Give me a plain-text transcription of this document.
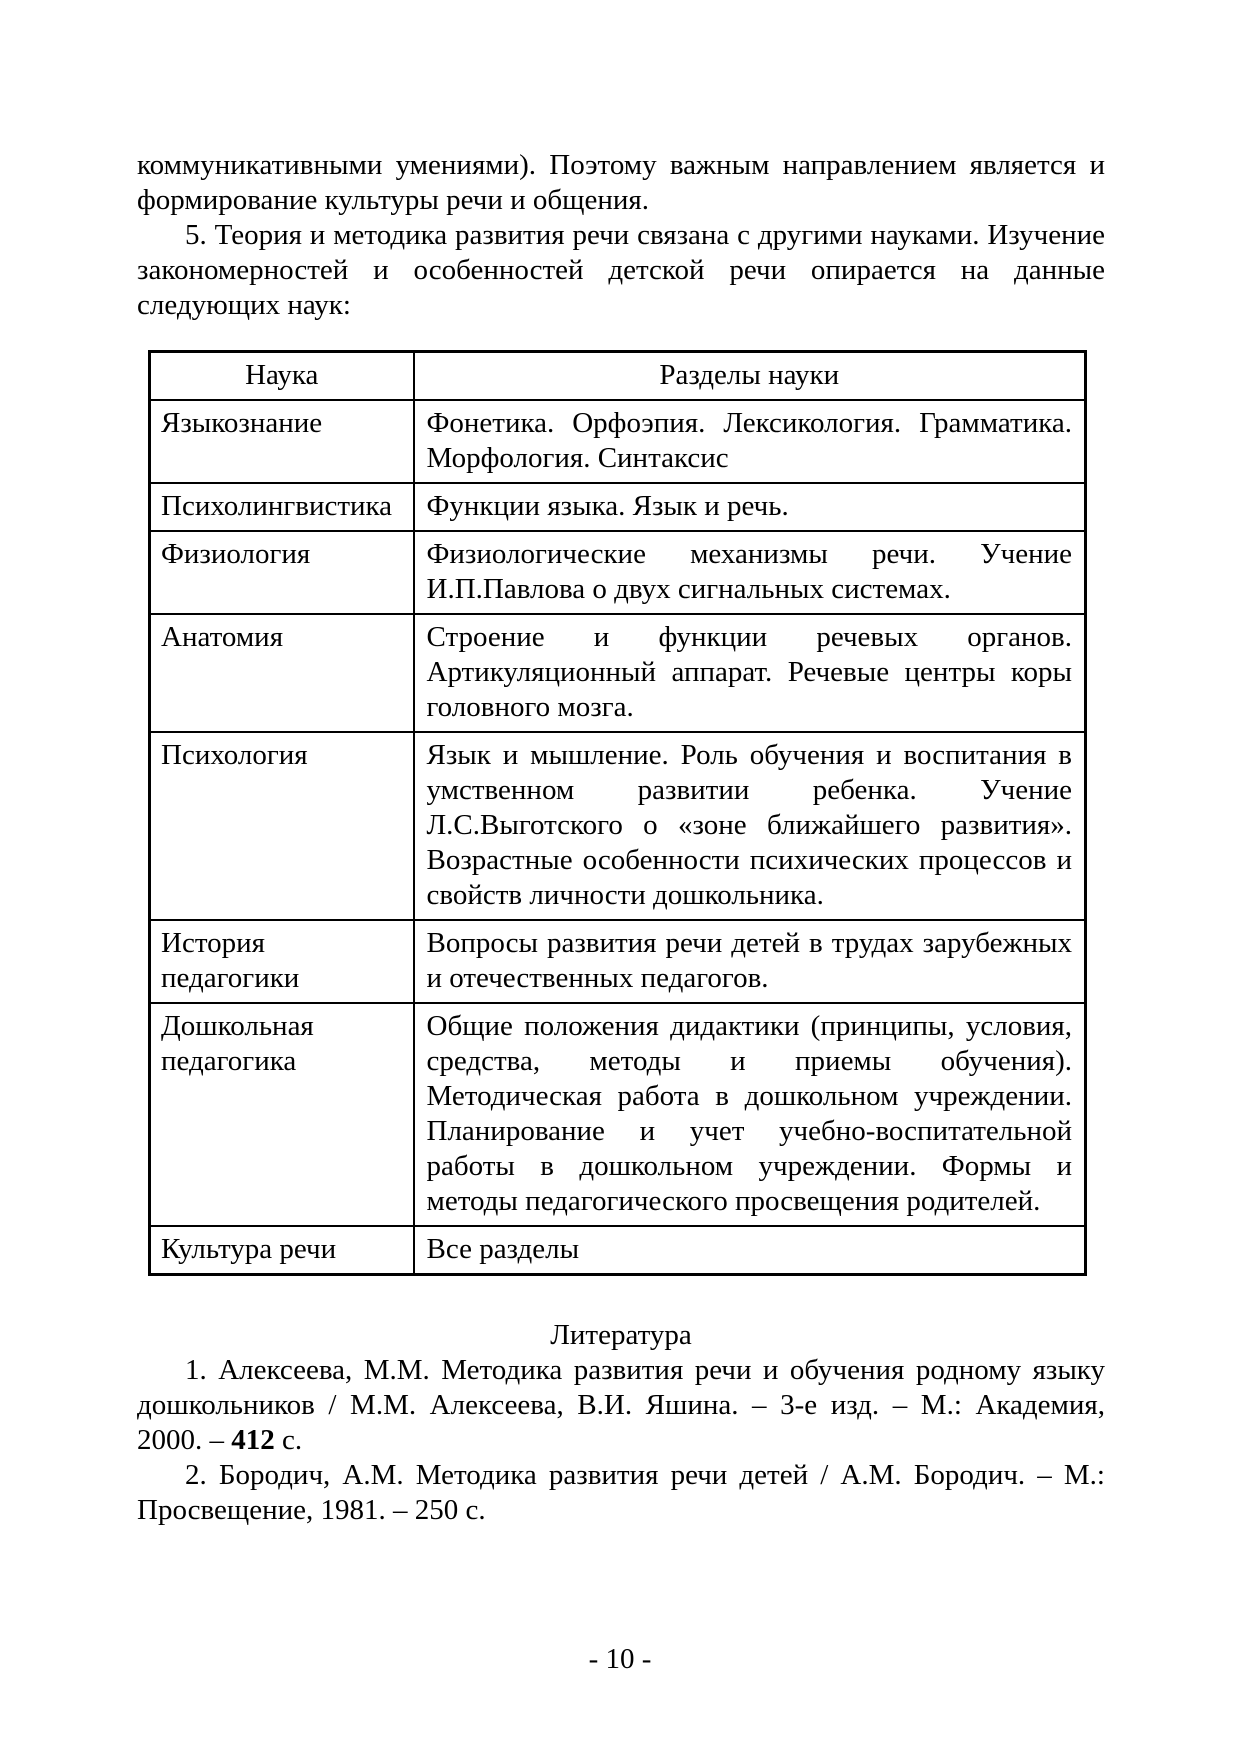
коммуникативными умениями). Поэтому важным направлением является и формирование культуры речи и общения.

5. Теория и методика развития речи связана с другими науками. Изучение закономерностей и особенностей детской речи опирается на данные следующих наук:

Наука	Разделы науки
Языкознание	Фонетика. Орфоэпия. Лексикология. Грамматика. Морфология. Синтаксис
Психолингвистика	Функции языка. Язык и речь.
Физиология	Физиологические механизмы речи. Учение И.П.Павлова о двух сигнальных системах.
Анатомия	Строение и функции речевых органов. Артикуляционный аппарат. Речевые центры коры головного мозга.
Психология	Язык и мышление. Роль обучения и воспитания в умственном развитии ребенка. Учение Л.С.Выготского о «зоне ближайшего развития». Возрастные особенности психических процессов и свойств личности дошкольника.
История педагогики	Вопросы развития речи детей в трудах зарубежных и отечественных педагогов.
Дошкольная педагогика	Общие положения дидактики (принципы, условия, средства, методы и приемы обучения). Методическая работа в дошкольном учреждении. Планирование и учет учебно-воспитательной работы в дошкольном учреждении. Формы и методы педагогического просвещения родителей.
Культура речи	Все разделы
Литература

1. Алексеева, М.М. Методика развития речи и обучения родному языку дошкольников / М.М. Алексеева, В.И. Яшина. – 3-е изд. – М.: Академия, 2000. – 412 с.

2. Бородич, А.М. Методика развития речи детей / А.М. Бородич. – М.: Просвещение, 1981. – 250 с.

- 10 -
